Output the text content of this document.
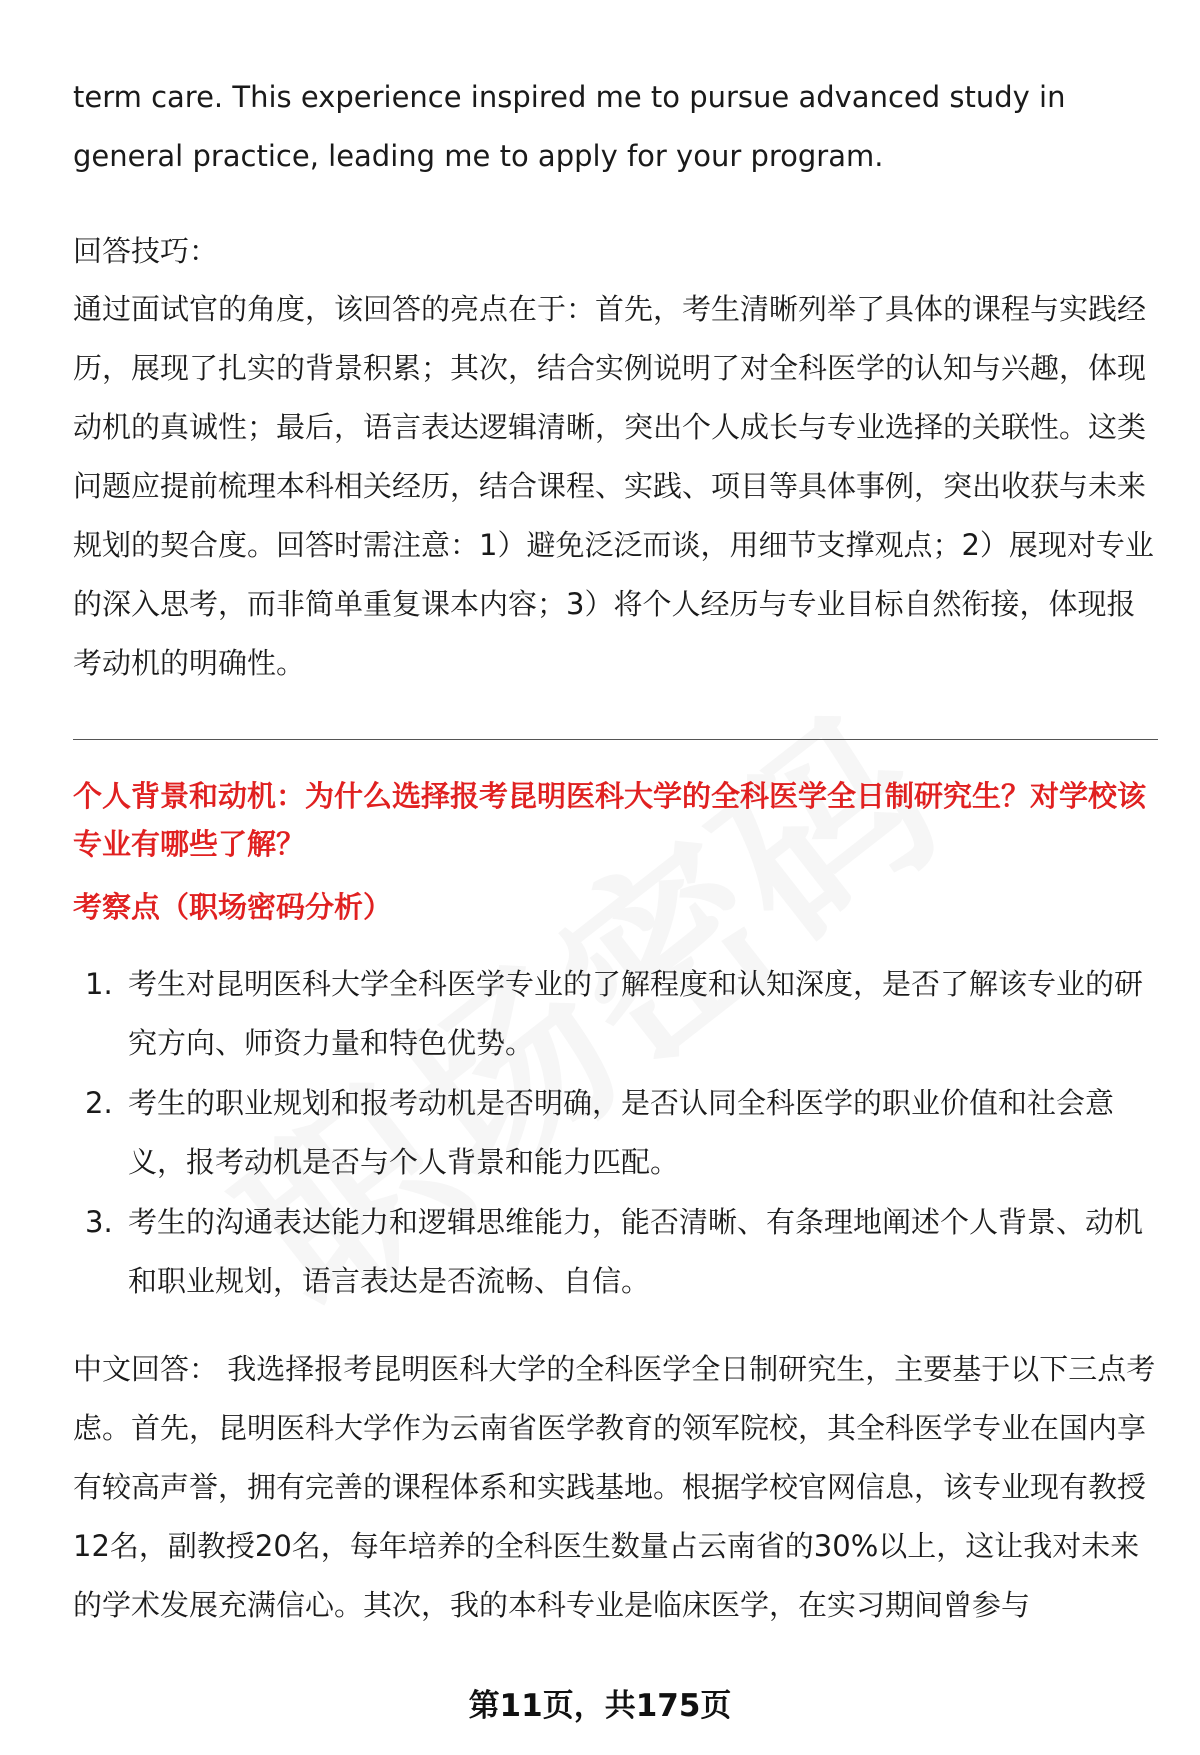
term care. This experience inspired me to pursue advanced study in general practice, leading me to apply for your program.

回答技巧：

通过面试官的角度，该回答的亮点在于：首先，考生清晰列举了具体的课程与实践经历，展现了扎实的背景积累；其次，结合实例说明了对全科医学的认知与兴趣，体现动机的真诚性；最后，语言表达逻辑清晰，突出个人成长与专业选择的关联性。这类问题应提前梳理本科相关经历，结合课程、实践、项目等具体事例，突出收获与未来规划的契合度。回答时需注意：1）避免泛泛而谈，用细节支撑观点；2）展现对专业的深入思考，而非简单重复课本内容；3）将个人经历与专业目标自然衔接，体现报考动机的明确性。

个人背景和动机：为什么选择报考昆明医科大学的全科医学全日制研究生？对学校该专业有哪些了解？

考察点（职场密码分析）

1. 考生对昆明医科大学全科医学专业的了解程度和认知深度，是否了解该专业的研究方向、师资力量和特色优势。
2. 考生的职业规划和报考动机是否明确，是否认同全科医学的职业价值和社会意义，报考动机是否与个人背景和能力匹配。
3. 考生的沟通表达能力和逻辑思维能力，能否清晰、有条理地阐述个人背景、动机和职业规划，语言表达是否流畅、自信。

中文回答： 我选择报考昆明医科大学的全科医学全日制研究生，主要基于以下三点考虑。首先，昆明医科大学作为云南省医学教育的领军院校，其全科医学专业在国内享有较高声誉，拥有完善的课程体系和实践基地。根据学校官网信息，该专业现有教授12名，副教授20名，每年培养的全科医生数量占云南省的30%以上，这让我对未来的学术发展充满信心。其次，我的本科专业是临床医学，在实习期间曾参与

第11页，共175页
